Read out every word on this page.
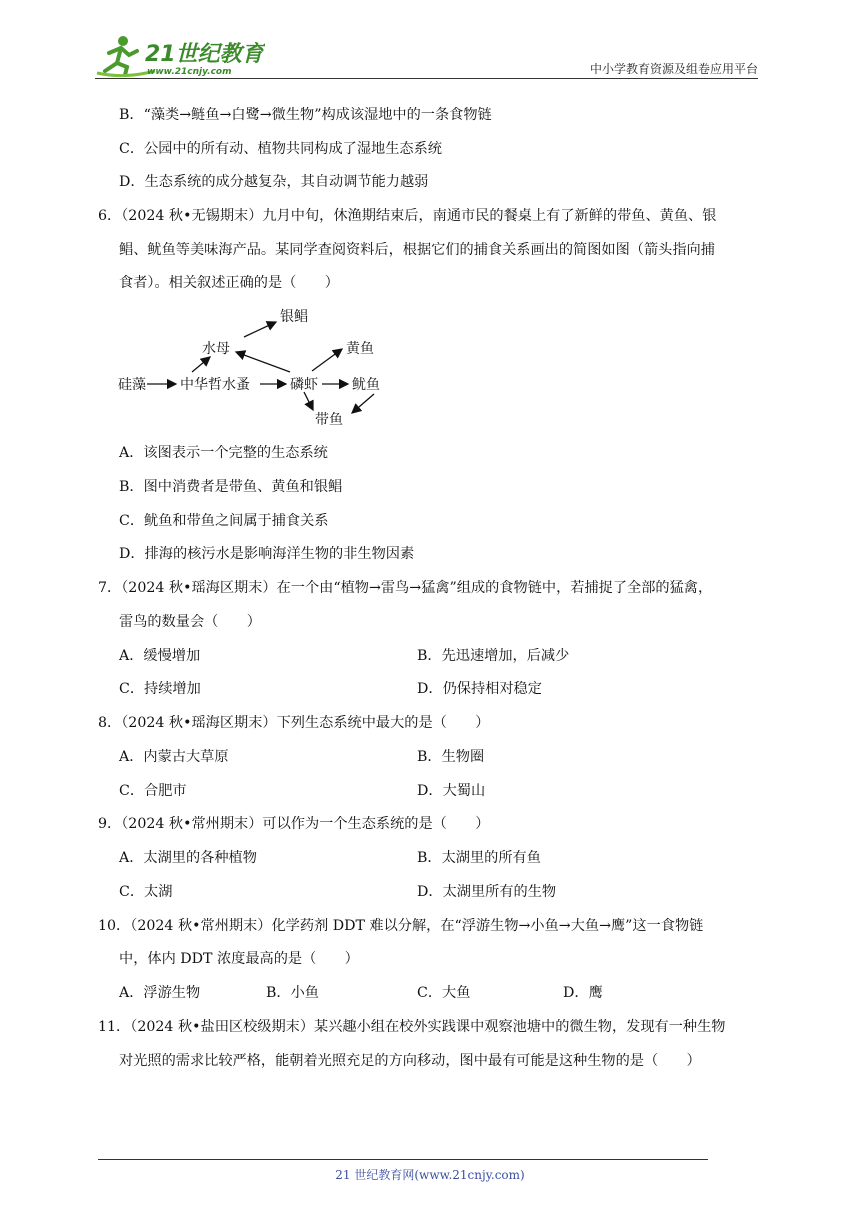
21世纪教育
www.21cnjy.com	中小学教育资源及组卷应用平台
B．“藻类→鲢鱼→白鹭→微生物”构成该湿地中的一条食物链
C．公园中的所有动、植物共同构成了湿地生态系统
D．生态系统的成分越复杂，其自动调节能力越弱
6．（2024 秋•无锡期末）九月中旬，休渔期结束后，南通市民的餐桌上有了新鲜的带鱼、黄鱼、银
鲳、鱿鱼等美味海产品。某同学查阅资料后，根据它们的捕食关系画出的简图如图（箭头指向捕
食者）。相关叙述正确的是（　　）
硅藻 中华哲水蚤
水母
银鲳
磷虾
黄鱼
鱿鱼
带鱼
A．该图表示一个完整的生态系统
B．图中消费者是带鱼、黄鱼和银鲳
C．鱿鱼和带鱼之间属于捕食关系
D．排海的核污水是影响海洋生物的非生物因素
7．（2024 秋•瑶海区期末）在一个由“植物→雷鸟→猛禽”组成的食物链中，若捕捉了全部的猛禽，
雷鸟的数量会（　　）
A．缓慢增加	B．先迅速增加，后减少
C．持续增加	D．仍保持相对稳定
8．（2024 秋•瑶海区期末）下列生态系统中最大的是（　　）
A．内蒙古大草原	B．生物圈
C．合肥市	D．大蜀山
9．（2024 秋•常州期末）可以作为一个生态系统的是（　　）
A．太湖里的各种植物	B．太湖里的所有鱼
C．太湖	D．太湖里所有的生物
10．（2024 秋•常州期末）化学药剂 DDT 难以分解，在“浮游生物→小鱼→大鱼→鹰”这一食物链
中，体内 DDT 浓度最高的是（　　）
A．浮游生物	B．小鱼	C．大鱼	D．鹰
11．（2024 秋•盐田区校级期末）某兴趣小组在校外实践课中观察池塘中的微生物，发现有一种生物
对光照的需求比较严格，能朝着光照充足的方向移动，图中最有可能是这种生物的是（　　）
21 世纪教育网(www.21cnjy.com)
